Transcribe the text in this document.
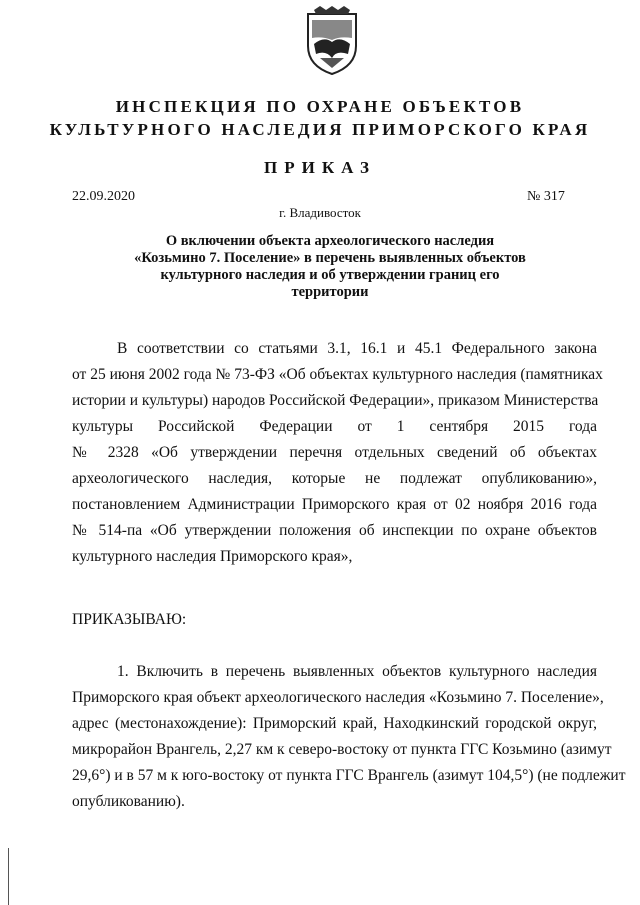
ИНСПЕКЦИЯ ПО ОХРАНЕ ОБЪЕКТОВ
КУЛЬТУРНОГО НАСЛЕДИЯ ПРИМОРСКОГО КРАЯ
ПРИКАЗ
22.09.2020	№ 317
г. Владивосток
О включении объекта археологического наследия «Козьмино 7. Поселение» в перечень выявленных объектов культурного наследия и об утверждении границ его территории
В соответствии со статьями 3.1, 16.1 и 45.1 Федерального закона
от 25 июня 2002 года № 73-ФЗ «Об объектах культурного наследия (памятниках
истории и культуры) народов Российской Федерации», приказом Министерства
культуры Российской Федерации от 1 сентября 2015 года
№ 2328 «Об утверждении перечня отдельных сведений об объектах
археологического наследия, которые не подлежат опубликованию»,
постановлением Администрации Приморского края от 02 ноября 2016 года
№ 514-па «Об утверждении положения об инспекции по охране объектов
культурного наследия Приморского края»,
ПРИКАЗЫВАЮ:
1. Включить в перечень выявленных объектов культурного наследия
Приморского края объект археологического наследия «Козьмино 7. Поселение»,
адрес (местонахождение): Приморский край, Находкинский городской округ,
микрорайон Врангель, 2,27 км к северо-востоку от пункта ГГС Козьмино (азимут
29,6°) и в 57 м к юго-востоку от пункта ГГС Врангель (азимут 104,5°) (не подлежит
опубликованию).
